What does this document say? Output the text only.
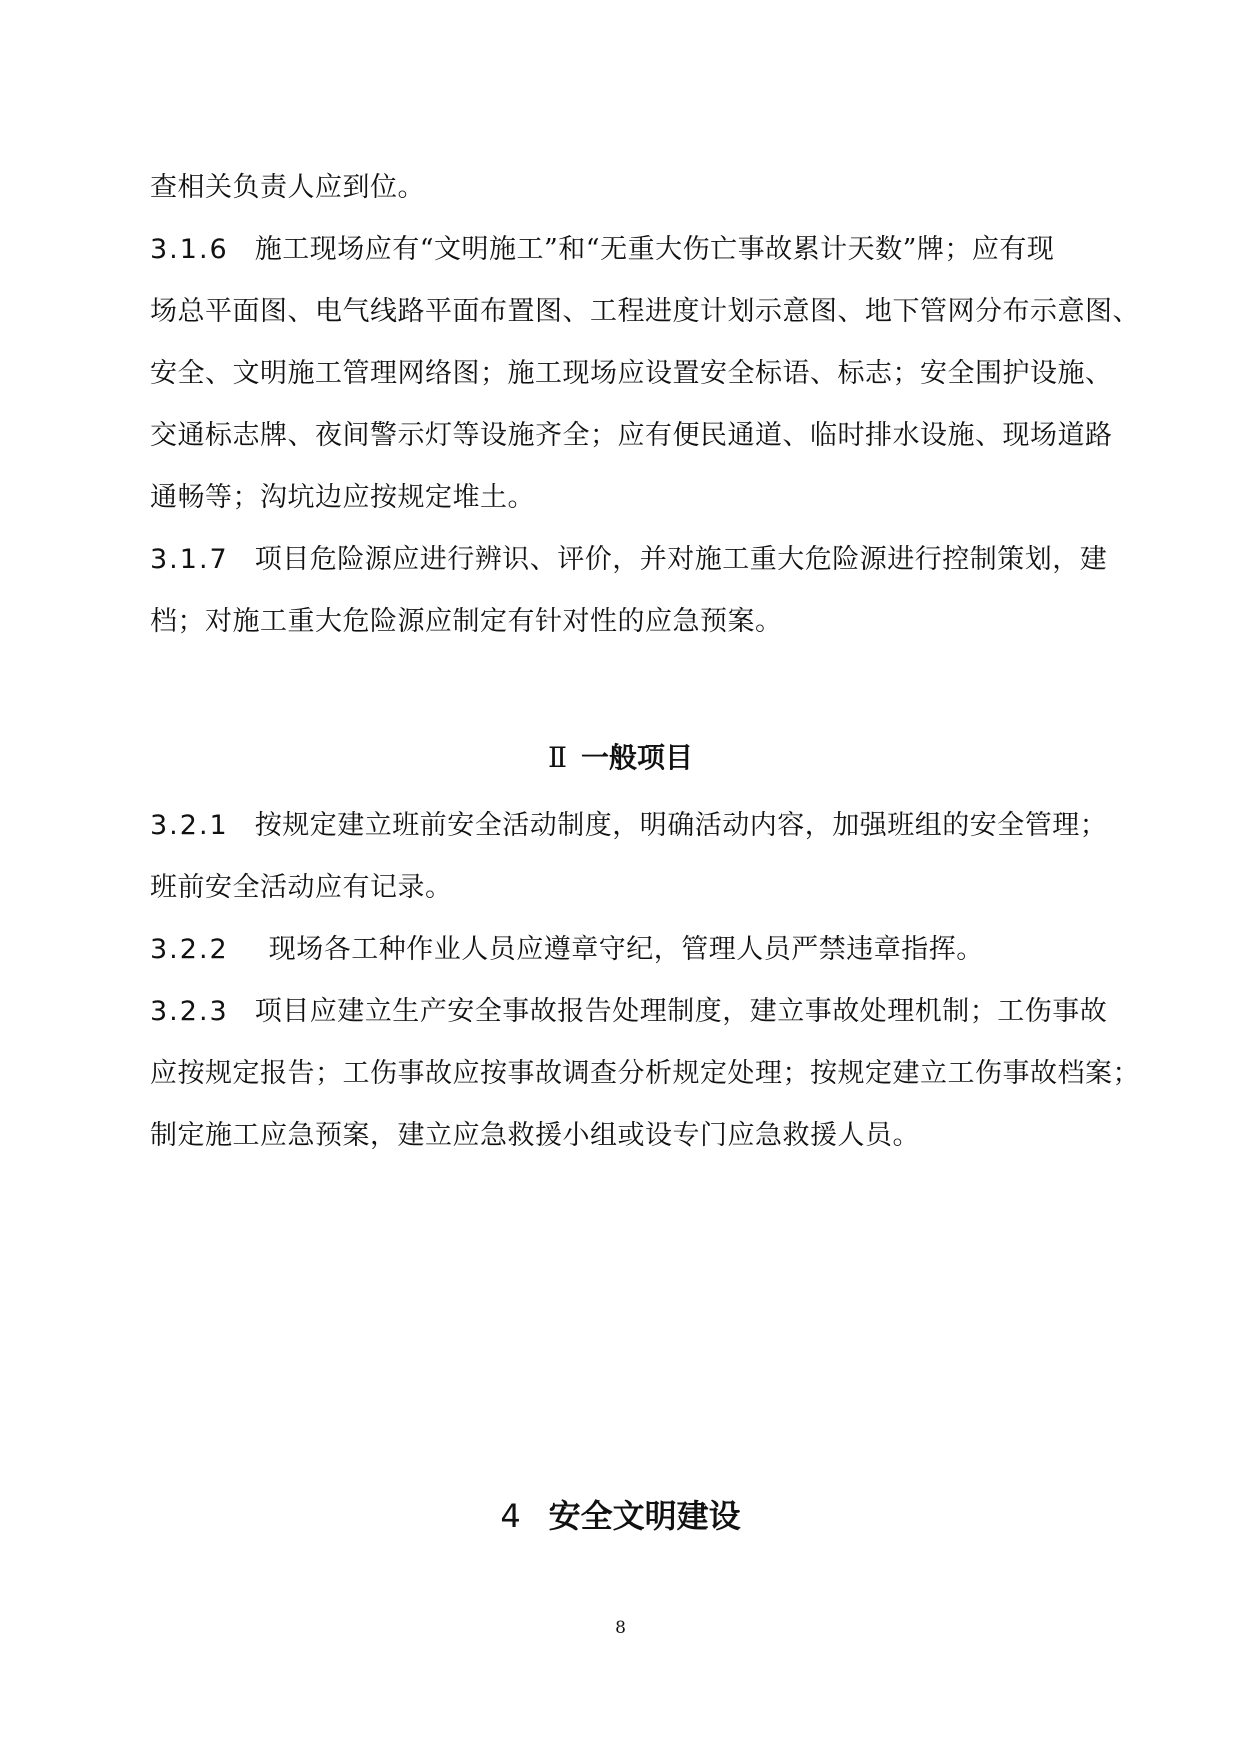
查相关负责人应到位。
3.1.6 施工现场应有“文明施工”和“无重大伤亡事故累计天数”牌；应有现
场总平面图、电气线路平面布置图、工程进度计划示意图、地下管网分布示意图、
安全、文明施工管理网络图；施工现场应设置安全标语、标志；安全围护设施、
交通标志牌、夜间警示灯等设施齐全；应有便民通道、临时排水设施、现场道路
通畅等；沟坑边应按规定堆土。
3.1.7 项目危险源应进行辨识、评价，并对施工重大危险源进行控制策划，建
档；对施工重大危险源应制定有针对性的应急预案。
Ⅱ 一般项目
3.2.1 按规定建立班前安全活动制度，明确活动内容，加强班组的安全管理；
班前安全活动应有记录。
3.2.2 现场各工种作业人员应遵章守纪，管理人员严禁违章指挥。
3.2.3 项目应建立生产安全事故报告处理制度，建立事故处理机制；工伤事故
应按规定报告；工伤事故应按事故调查分析规定处理；按规定建立工伤事故档案；
制定施工应急预案，建立应急救援小组或设专门应急救援人员。
4 安全文明建设
8
